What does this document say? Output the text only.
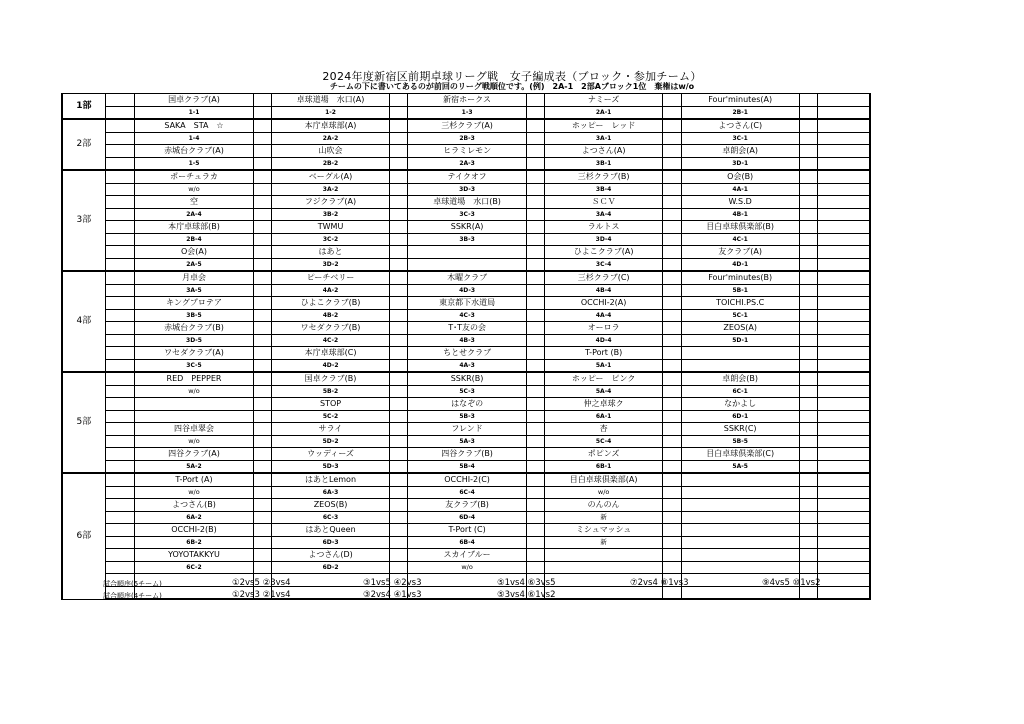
2024年度新宿区前期卓球リーグ戦　女子編成表（ブロック・参加チーム）
チームの下に書いてあるのが前回のリーグ戦順位です。(例)　2A-1　2部Aブロック1位　棄権はw/o
1部		国卓クラブ(A)		卓球道場　水口(A)		新宿ホークス		ナミーズ		Four'minutes(A)		
		1-1		1-2		1-3		2A-1		2B-1		
2部		SAKA　STA　☆		本庁卓球部(A)		三杉クラブ(A)		ホッピー　レッド		よつさん(C)		
		1-4		2A-2		2B-3		3A-1		3C-1		
		赤城台クラブ(A)		山吹会		ヒラミレモン		よつさん(A)		卓朗会(A)		
		1-5		2B-2		2A-3		3B-1		3D-1		
3部		ポーチュラカ		ベーグル(A)		テイクオフ		三杉クラブ(B)		O会(B)		
		w/o		3A-2		3D-3		3B-4		4A-1		
		空		フジクラブ(A)		卓球道場　水口(B)		ＳＣＶ		W.S.D		
		2A-4		3B-2		3C-3		3A-4		4B-1		
		本庁卓球部(B)		TWMU		SSKR(A)		ラルトス		目白卓球倶楽部(B)		
		2B-4		3C-2		3B-3		3D-4		4C-1		
		O会(A)		はあと				ひよこクラブ(A)		友クラブ(A)		
		2A-5		3D-2				3C-4		4D-1		
4部		月卓会		ピーチベリー		木曜クラブ		三杉クラブ(C)		Four'minutes(B)		
		3A-5		4A-2		4D-3		4B-4		5B-1		
		キングプロテア		ひよこクラブ(B)		東京都下水道局		OCCHI-2(A)		TOICHI.PS.C		
		3B-5		4B-2		4C-3		4A-4		5C-1		
		赤城台クラブ(B)		ワセダクラブ(B)		T･T友の会		オーロラ		ZEOS(A)		
		3D-5		4C-2		4B-3		4D-4		5D-1		
		ワセダクラブ(A)		本庁卓球部(C)		ちとせクラブ		T-Port (B)				
		3C-5		4D-2		4A-3		5A-1				
5部		RED　PEPPER		国卓クラブ(B)		SSKR(B)		ホッピー　ピンク		卓朗会(B)		
		w/o		5B-2		5C-3		5A-4		6C-1		
				STOP		はなぞの		仲之卓球ク		なかよし		
				5C-2		5B-3		6A-1		6D-1		
		四谷卓翠会		サライ		フレンド		杏		SSKR(C)		
		w/o		5D-2		5A-3		5C-4		5B-5		
		四谷クラブ(A)		ウッディーズ		四谷クラブ(B)		ポピンズ		目白卓球倶楽部(C)		
		5A-2		5D-3		5B-4		6B-1		5A-5		
6部		T-Port (A)		はあとLemon		OCCHI-2(C)		目白卓球倶楽部(A)				
		w/o		6A-3		6C-4		w/o				
		よつさん(B)		ZEOS(B)		友クラブ(B)		のんのん				
		6A-2		6C-3		6D-4		新				
		OCCHI-2(B)		はあとQueen		T-Port (C)		ミシュマッシュ				
		6B-2		6D-3		6B-4		新				
		YOYOTAKKYU		よつさん(D)		スカイブルー						
		6C-2		6D-2		w/o						

試合順序(5チーム)	①2vs5 ②3vs4	③1vs5 ④2vs3	⑤1vs4 ⑥3vs5	⑦2vs4 ⑧1vs3	⑨4vs5 ⑩1vs2
試合順序(4チーム)	①2vs3 ②1vs4	③2vs4 ④1vs3	⑤3vs4 ⑥1vs2
